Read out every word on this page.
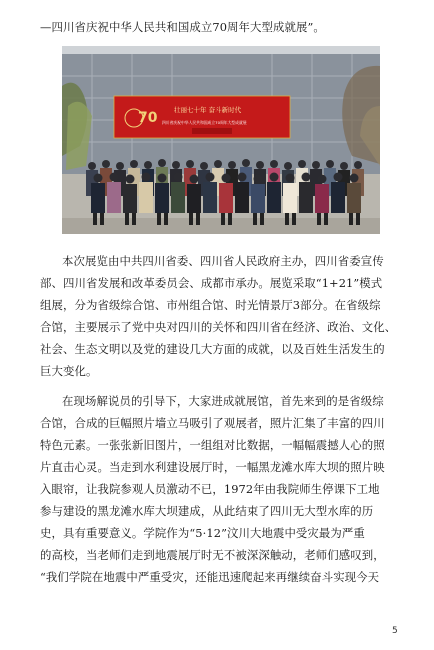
—四川省庆祝中华人民共和国成立70周年大型成就展”。
70	壮丽七十年 奋斗新时代
四川省庆祝中华人民共和国成立70周年大型成就展
本次展览由中共四川省委、四川省人民政府主办，四川省委宣传
部、四川省发展和改革委员会、成都市承办。展览采取“1+21”模式
组展，分为省级综合馆、市州组合馆、时光情景厅3部分。在省级综
合馆，主要展示了党中央对四川的关怀和四川省在经济、政治、文化、
社会、生态文明以及党的建设几大方面的成就，以及百姓生活发生的
巨大变化。
在现场解说员的引导下，大家进成就展馆，首先来到的是省级综
合馆，合成的巨幅照片墙立马吸引了观展者，照片汇集了丰富的四川
特色元素。一张张新旧图片，一组组对比数据，一幅幅震撼人心的照
片直击心灵。当走到水利建设展厅时，一幅黑龙滩水库大坝的照片映
入眼帘，让我院参观人员激动不已，1972年由我院师生停课下工地
参与建设的黑龙滩水库大坝建成，从此结束了四川无大型水库的历
史，具有重要意义。学院作为“5·12”汶川大地震中受灾最为严重
的高校，当老师们走到地震展厅时无不被深深触动，老师们感叹到，
“我们学院在地震中严重受灾，还能迅速爬起来再继续奋斗实现今天
5
